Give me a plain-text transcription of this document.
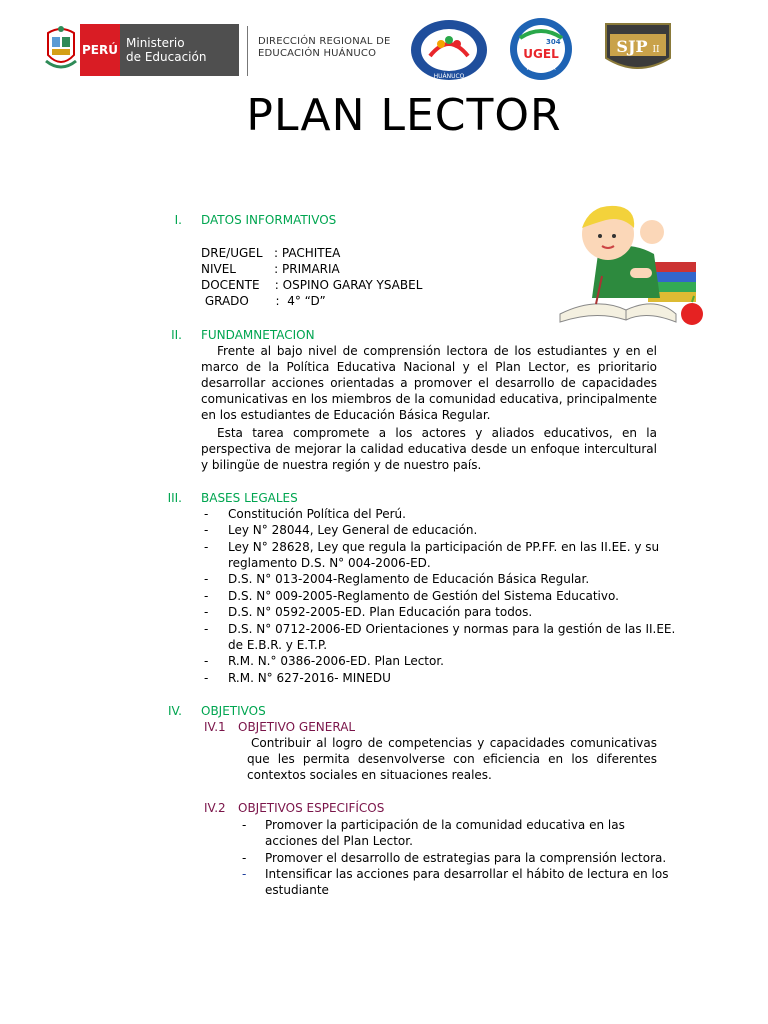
PERÚ Ministerio
de Educación
DIRECCIÓN REGIONAL DE
EDUCACIÓN HUÁNUCO
HUÁNUCO
304
UGEL
PACHITEA
SJP II
PLAN LECTOR
I. DATOS INFORMATIVOS
DRE/UGEL   : PACHITEA
NIVEL          : PRIMARIA
DOCENTE    : OSPINO GARAY YSABEL
GRADO       :  4° “D”
II. FUNDAMNETACION
Frente al bajo nivel de comprensión lectora de los estudiantes y en el marco de la Política Educativa Nacional y el Plan Lector, es prioritario desarrollar acciones orientadas a promover el desarrollo de capacidades comunicativas en los miembros de la comunidad educativa, principalmente en los estudiantes de Educación Básica Regular.
Esta tarea compromete a los actores y aliados educativos, en la perspectiva de mejorar la calidad educativa desde un enfoque intercultural y bilingüe de nuestra región y de nuestro país.
III. BASES LEGALES
- Constitución Política del Perú.
- Ley N° 28044, Ley General de educación.
- Ley N° 28628, Ley que regula la participación de PP.FF. en las II.EE. y su
reglamento D.S. N° 004-2006-ED.
- D.S. N° 013-2004-Reglamento de Educación Básica Regular.
- D.S. N° 009-2005-Reglamento de Gestión del Sistema Educativo.
- D.S. N° 0592-2005-ED. Plan Educación para todos.
- D.S. N° 0712-2006-ED Orientaciones y normas para la gestión de las II.EE.
de E.B.R. y E.T.P.
- R.M. N.° 0386-2006-ED. Plan Lector.
- R.M. N° 627-2016- MINEDU
IV. OBJETIVOS
IV.1 OBJETIVO GENERAL
Contribuir al logro de competencias y capacidades comunicativas que les permita desenvolverse con eficiencia en los diferentes contextos sociales en situaciones reales.
IV.2 OBJETIVOS ESPECIFÍCOS
- Promover la participación de la comunidad educativa en las
acciones del Plan Lector.
- Promover el desarrollo de estrategias para la comprensión lectora.
- Intensificar las acciones para desarrollar el hábito de lectura en los
estudiante
